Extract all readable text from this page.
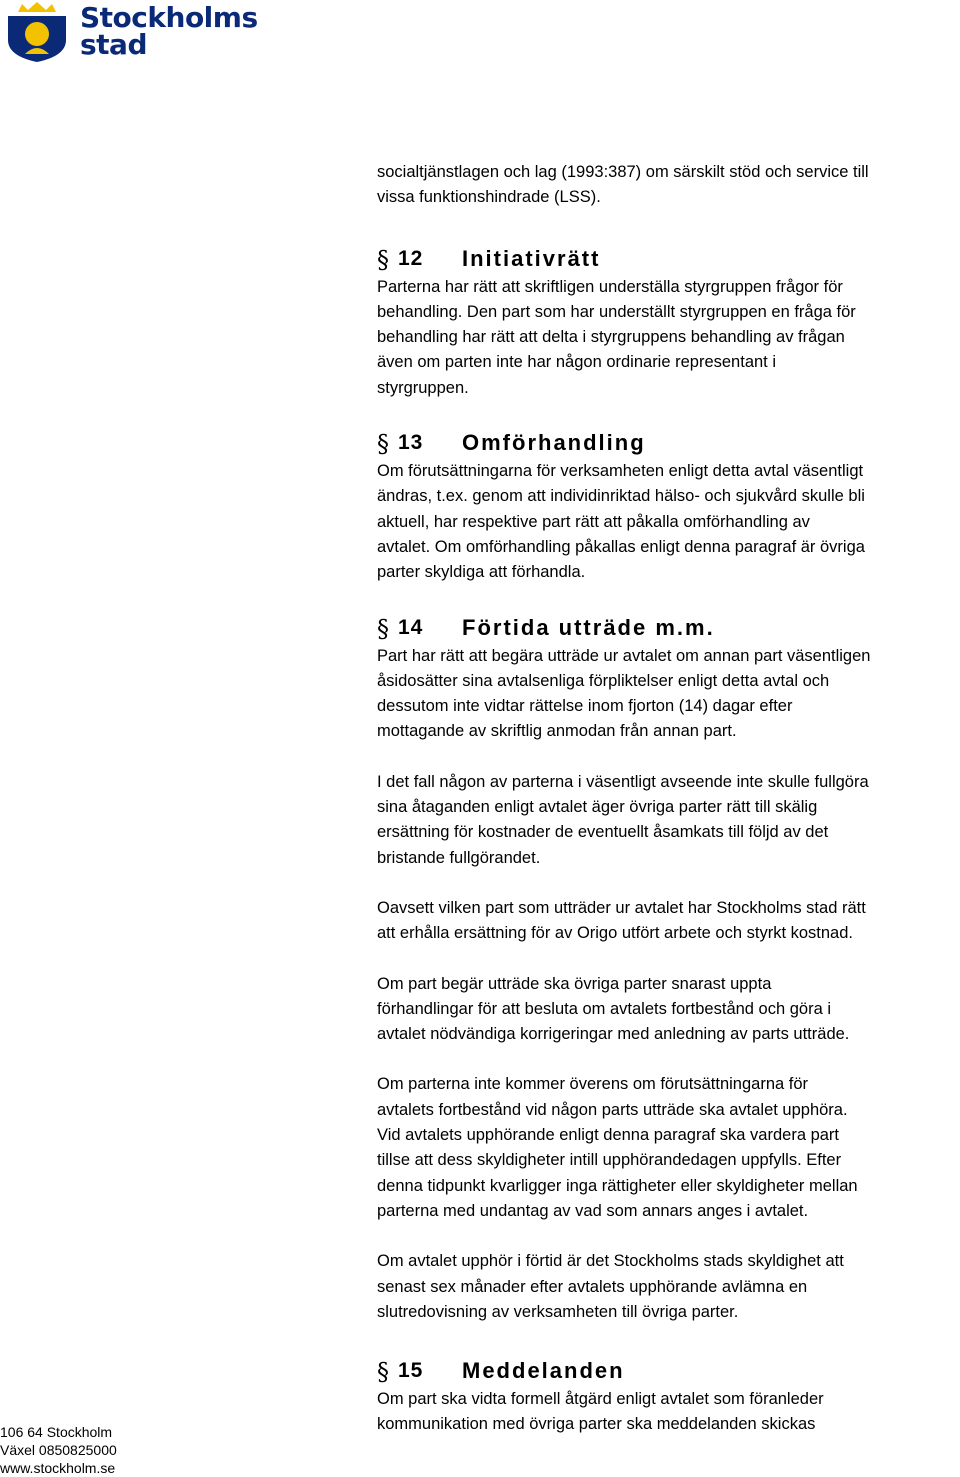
Stockholms
stad

socialtjänstlagen och lag (1993:387) om särskilt stöd och service till

vissa funktionshindrade (LSS).

§ 12 Initiativrätt

Parterna har rätt att skriftligen underställa styrgruppen frågor för

behandling. Den part som har underställt styrgruppen en fråga för

behandling har rätt att delta i styrgruppens behandling av frågan

även om parten inte har någon ordinarie representant i

styrgruppen.

§ 13 Omförhandling

Om förutsättningarna för verksamheten enligt detta avtal väsentligt

ändras, t.ex. genom att individinriktad hälso- och sjukvård skulle bli

aktuell, har respektive part rätt att påkalla omförhandling av

avtalet. Om omförhandling påkallas enligt denna paragraf är övriga

parter skyldiga att förhandla.

§ 14 Förtida utträde m.m.

Part har rätt att begära utträde ur avtalet om annan part väsentligen

åsidosätter sina avtalsenliga förpliktelser enligt detta avtal och

dessutom inte vidtar rättelse inom fjorton (14) dagar efter

mottagande av skriftlig anmodan från annan part.

I det fall någon av parterna i väsentligt avseende inte skulle fullgöra

sina åtaganden enligt avtalet äger övriga parter rätt till skälig

ersättning för kostnader de eventuellt åsamkats till följd av det

bristande fullgörandet.

Oavsett vilken part som utträder ur avtalet har Stockholms stad rätt

att erhålla ersättning för av Origo utfört arbete och styrkt kostnad.

Om part begär utträde ska övriga parter snarast uppta

förhandlingar för att besluta om avtalets fortbestånd och göra i

avtalet nödvändiga korrigeringar med anledning av parts utträde.

Om parterna inte kommer överens om förutsättningarna för

avtalets fortbestånd vid någon parts utträde ska avtalet upphöra.

Vid avtalets upphörande enligt denna paragraf ska vardera part

tillse att dess skyldigheter intill upphörandedagen uppfylls. Efter

denna tidpunkt kvarligger inga rättigheter eller skyldigheter mellan

parterna med undantag av vad som annars anges i avtalet.

Om avtalet upphör i förtid är det Stockholms stads skyldighet att

senast sex månader efter avtalets upphörande avlämna en

slutredovisning av verksamheten till övriga parter.

§ 15 Meddelanden

Om part ska vidta formell åtgärd enligt avtalet som föranleder

kommunikation med övriga parter ska meddelanden skickas

106 64 Stockholm
Växel 0850825000
www.stockholm.se
